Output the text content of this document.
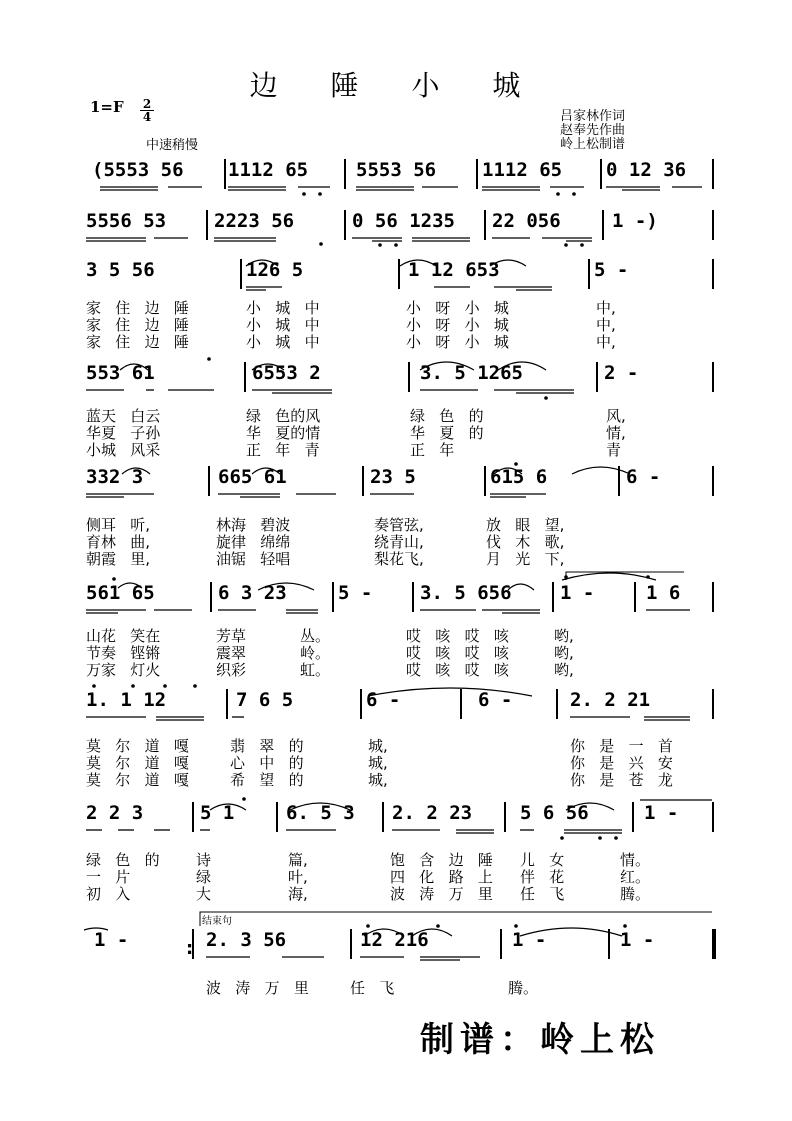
边 陲 小 城
1=F 2
4
中速稍慢
吕家林作词
赵奉先作曲
岭上松制谱
(5553 56 1112 65	5553 56 1112 65 0 12 36
5556 53	2223 56	0 56 1235 22 056	1 -)
3 5 56	126 5	1 12 653	5 -
家   住   边   陲	小   城   中	小   呀   小   城	中,
家   住   边   陲	小   城   中	小   呀   小   城	中,
家   住   边   陲	小   城   中	小   呀   小   城	中,
553 61	6553 2	3. 5 1265	2 -
蓝天   白云	绿   色的风	绿   色   的	风,
华夏   子孙	华   夏的情	华   夏   的	情,
小城   风采	正   年   青	正   年	青
332 3	665 61	23 5	615 6	6 -
侧耳   听,	林海   碧波	奏管弦,	放   眼   望,
育林   曲,	旋律   绵绵	绕青山,	伐   木   歌,
朝霞   里,	油锯   轻唱	梨花飞,	月   光   下,
561 65	6 3 23	5 -	3. 5 656	1 -	1 6
山花   笑在	芳草	丛。	哎   咳   哎   咳	哟,
节奏   铿锵	震翠	岭。	哎   咳   哎   咳	哟,
万家   灯火	织彩	虹。	哎   咳   哎   咳	哟,
1. 1 12	7 6 5	6 -	6 -	2. 2 21
莫   尔   道   嘎	翡   翠   的	城,	你   是   一   首
莫   尔   道   嘎	心   中   的	城,	你   是   兴   安
莫   尔   道   嘎	希   望   的	城,	你   是   苍   龙
2 2 3	5 1	6. 5 3 2. 2 23	5 6 56	1 -
绿   色   的 诗	篇,	饱   含   边   陲 儿   女	情。
一   片	绿	叶,	四   化   路   上 伴   花	红。
初   入	大	海,	波   涛   万   里 任   飞	腾。
1 -	2. 3 56	12 216	1 -	1 -
波   涛   万   里	任   飞	腾。
:
结束句
制谱：岭上松
